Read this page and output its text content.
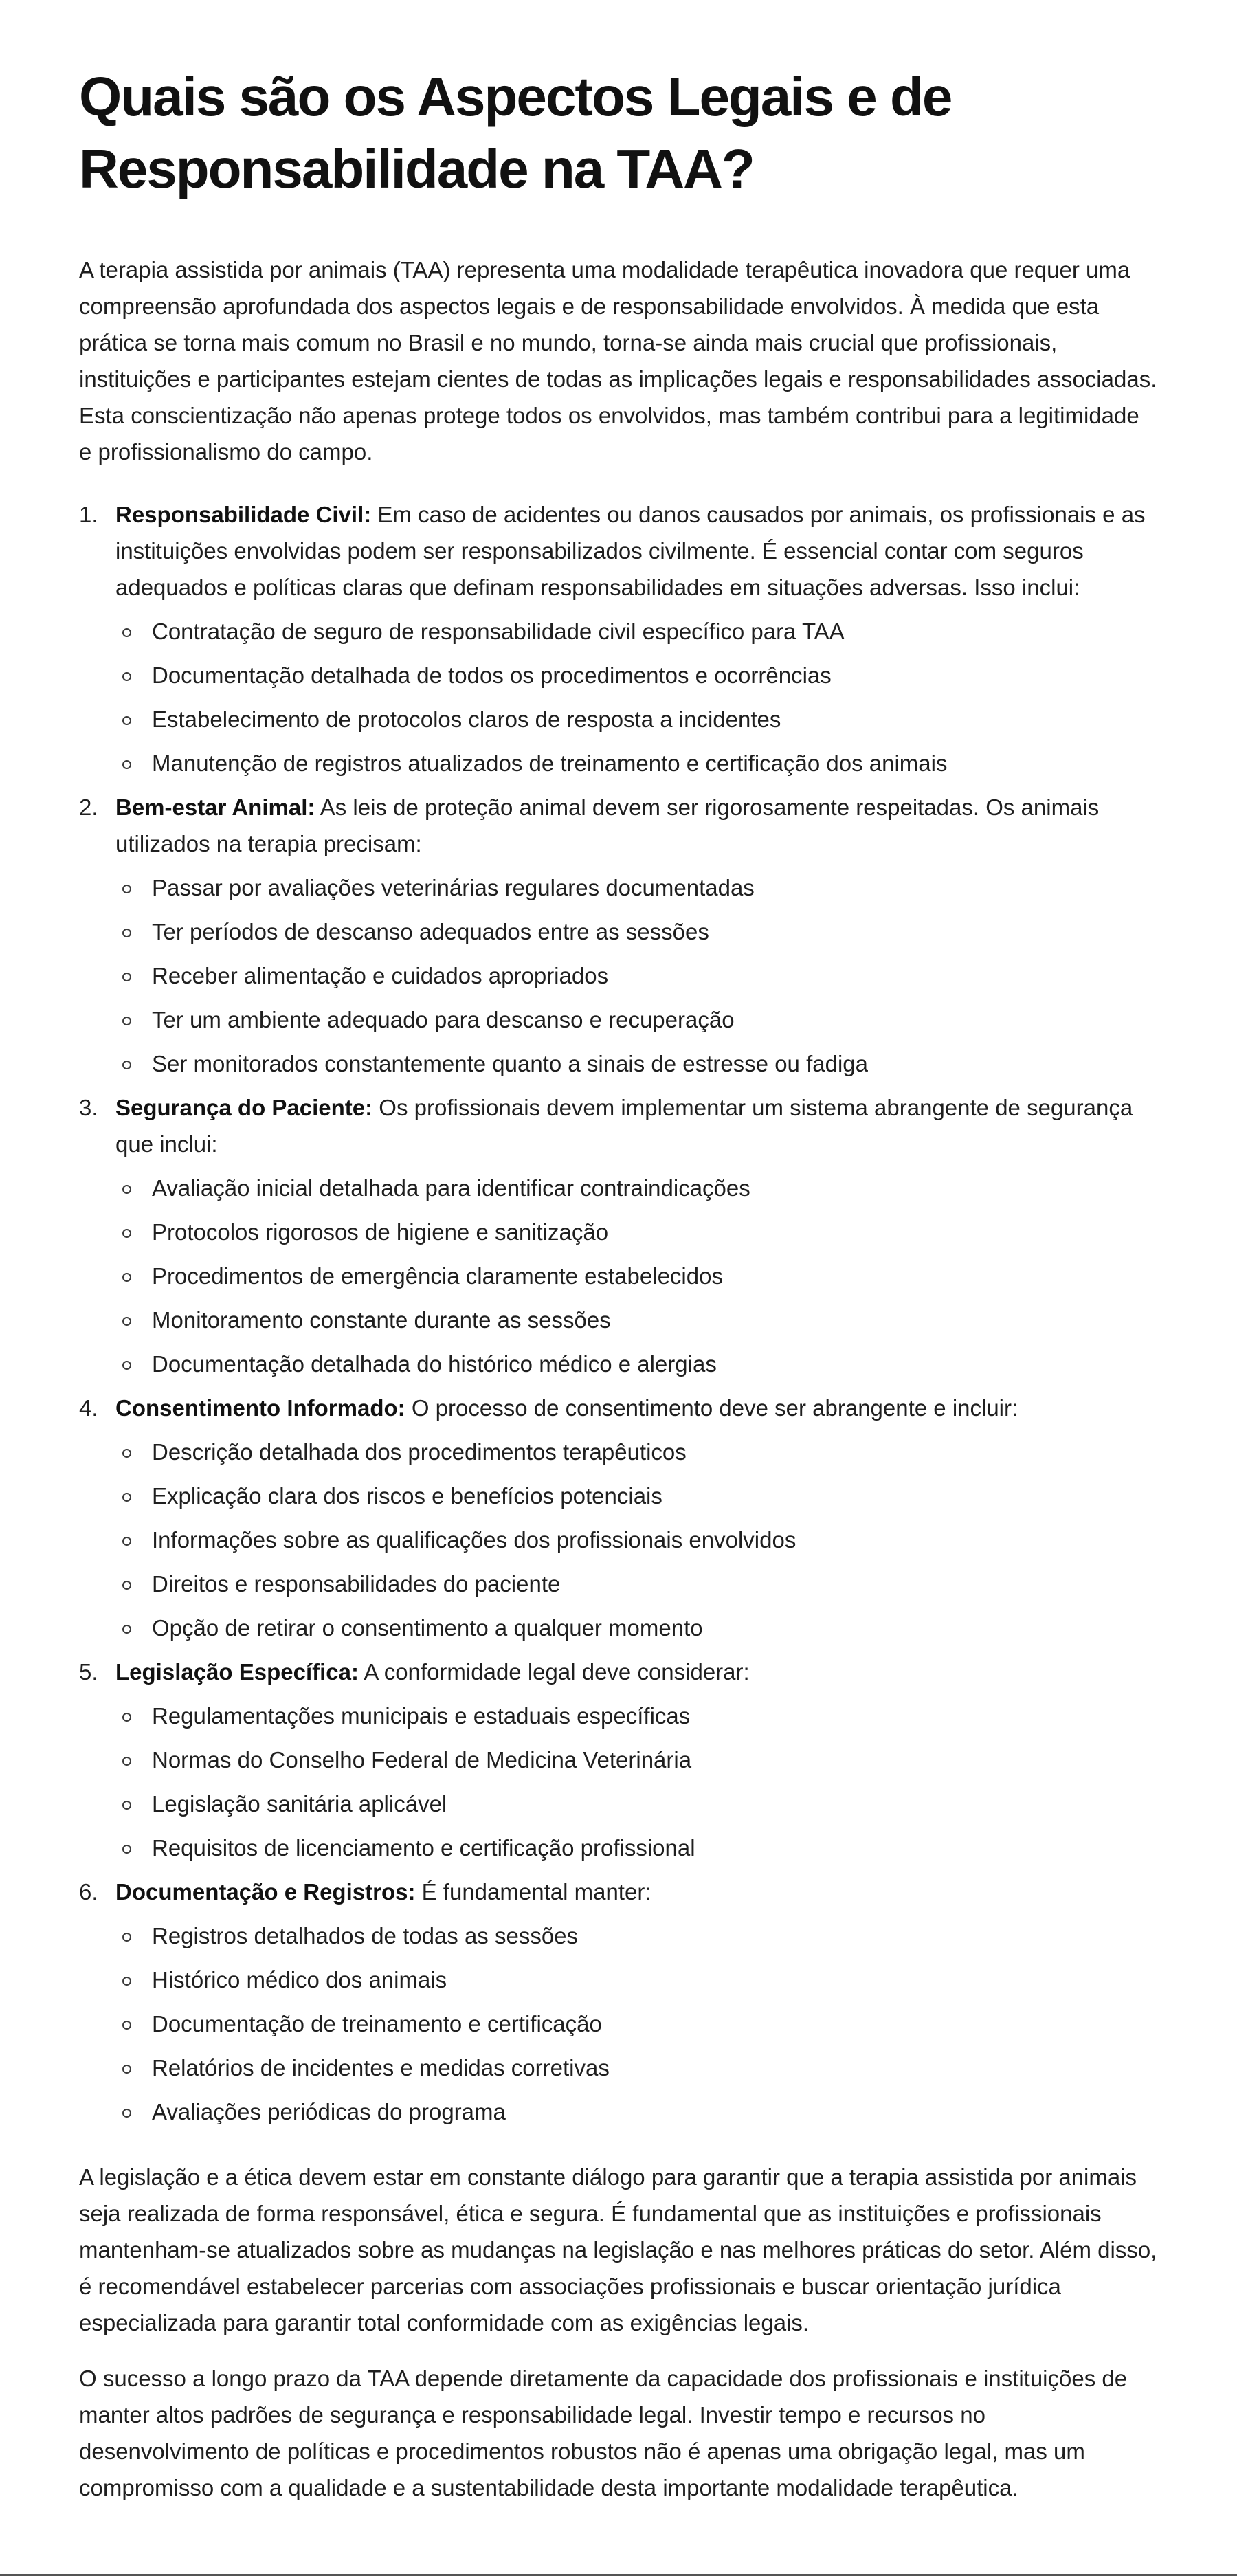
Quais são os Aspectos Legais e de Responsabilidade na TAA?

A terapia assistida por animais (TAA) representa uma modalidade terapêutica inovadora que requer uma compreensão aprofundada dos aspectos legais e de responsabilidade envolvidos. À medida que esta prática se torna mais comum no Brasil e no mundo, torna-se ainda mais crucial que profissionais, instituições e participantes estejam cientes de todas as implicações legais e responsabilidades associadas. Esta conscientização não apenas protege todos os envolvidos, mas também contribui para a legitimidade e profissionalismo do campo.

1. Responsabilidade Civil: Em caso de acidentes ou danos causados por animais, os profissionais e as instituições envolvidas podem ser responsabilizados civilmente. É essencial contar com seguros adequados e políticas claras que definam responsabilidades em situações adversas. Isso inclui:
Contratação de seguro de responsabilidade civil específico para TAA
Documentação detalhada de todos os procedimentos e ocorrências
Estabelecimento de protocolos claros de resposta a incidentes
Manutenção de registros atualizados de treinamento e certificação dos animais
2. Bem-estar Animal: As leis de proteção animal devem ser rigorosamente respeitadas. Os animais utilizados na terapia precisam:
Passar por avaliações veterinárias regulares documentadas
Ter períodos de descanso adequados entre as sessões
Receber alimentação e cuidados apropriados
Ter um ambiente adequado para descanso e recuperação
Ser monitorados constantemente quanto a sinais de estresse ou fadiga
3. Segurança do Paciente: Os profissionais devem implementar um sistema abrangente de segurança que inclui:
Avaliação inicial detalhada para identificar contraindicações
Protocolos rigorosos de higiene e sanitização
Procedimentos de emergência claramente estabelecidos
Monitoramento constante durante as sessões
Documentação detalhada do histórico médico e alergias
4. Consentimento Informado: O processo de consentimento deve ser abrangente e incluir:
Descrição detalhada dos procedimentos terapêuticos
Explicação clara dos riscos e benefícios potenciais
Informações sobre as qualificações dos profissionais envolvidos
Direitos e responsabilidades do paciente
Opção de retirar o consentimento a qualquer momento
5. Legislação Específica: A conformidade legal deve considerar:
Regulamentações municipais e estaduais específicas
Normas do Conselho Federal de Medicina Veterinária
Legislação sanitária aplicável
Requisitos de licenciamento e certificação profissional
6. Documentação e Registros: É fundamental manter:
Registros detalhados de todas as sessões
Histórico médico dos animais
Documentação de treinamento e certificação
Relatórios de incidentes e medidas corretivas
Avaliações periódicas do programa

A legislação e a ética devem estar em constante diálogo para garantir que a terapia assistida por animais seja realizada de forma responsável, ética e segura. É fundamental que as instituições e profissionais mantenham-se atualizados sobre as mudanças na legislação e nas melhores práticas do setor. Além disso, é recomendável estabelecer parcerias com associações profissionais e buscar orientação jurídica especializada para garantir total conformidade com as exigências legais.

O sucesso a longo prazo da TAA depende diretamente da capacidade dos profissionais e instituições de manter altos padrões de segurança e responsabilidade legal. Investir tempo e recursos no desenvolvimento de políticas e procedimentos robustos não é apenas uma obrigação legal, mas um compromisso com a qualidade e a sustentabilidade desta importante modalidade terapêutica.
